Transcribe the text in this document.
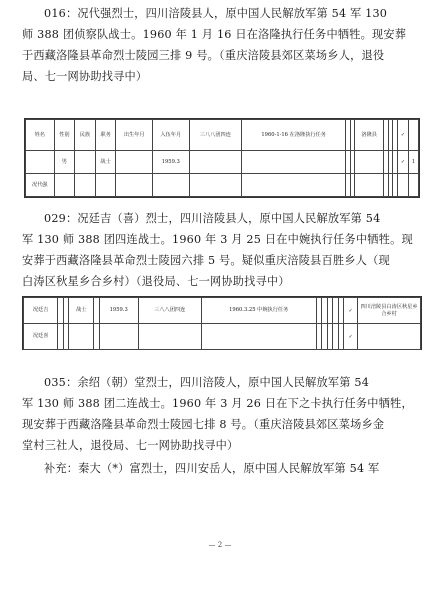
016：况代强烈士，四川涪陵县人，原中国人民解放军第 54 军 130
师 388 团侦察队战士。1960 年 1 月 16 日在洛隆执行任务中牺牲。现安葬
于西藏洛隆县革命烈士陵园三排 9 号。（重庆涪陵县郊区菜场乡人，退役
局、七一网协助找寻中）
姓名	性别	民族	职务	出生年月	入伍年月	三八八团四连	1960-1-16 在洛隆执行任务			洛隆县				✓	
	男		战士		1959.3									✓	1
况代强															
029：况廷吉（喜）烈士，四川涪陵县人，原中国人民解放军第 54
军 130 师 388 团四连战士。1960 年 3 月 25 日在中婉执行任务中牺牲。现
安葬于西藏洛隆县革命烈士陵园六排 5 号。疑似重庆涪陵县百胜乡人（现
白涛区秋星乡合乡村）（退役局、七一网协助找寻中）
况廷吉			战士		1959.3	三八八团四连	1960.3.25 中婉执行任务						✓	四川涪陵县白涛区秋星乡合乡村
况廷喜													✓	
035：余绍（朝）堂烈士，四川涪陵人，原中国人民解放军第 54
军 130 师 388 团二连战士。1960 年 3 月 26 日在下之卡执行任务中牺牲，
现安葬于西藏洛隆县革命烈士陵园七排 8 号。（重庆涪陵县郊区菜场乡金
堂村三社人，退役局、七一网协助找寻中）
补充：秦大（*）富烈士，四川安岳人，原中国人民解放军第 54 军
— 2 —
